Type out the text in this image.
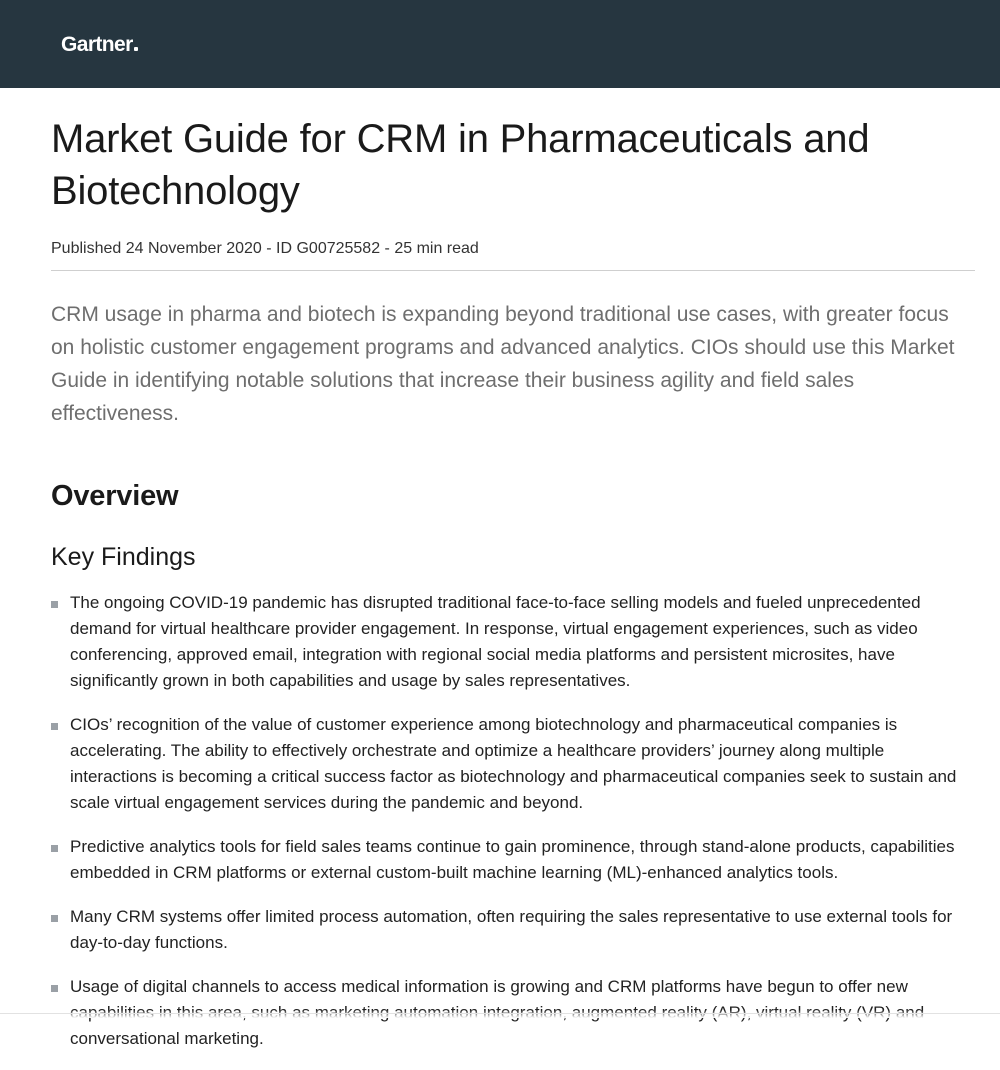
Gartner
Market Guide for CRM in Pharmaceuticals and Biotechnology
Published 24 November 2020 - ID G00725582 - 25 min read

CRM usage in pharma and biotech is expanding beyond traditional use cases, with greater focus on holistic customer engagement programs and advanced analytics. CIOs should use this Market Guide in identifying notable solutions that increase their business agility and field sales effectiveness.

Overview
Key Findings
The ongoing COVID-19 pandemic has disrupted traditional face-to-face selling models and fueled unprecedented demand for virtual healthcare provider engagement. In response, virtual engagement experiences, such as video conferencing, approved email, integration with regional social media platforms and persistent microsites, have significantly grown in both capabilities and usage by sales representatives.
CIOs’ recognition of the value of customer experience among biotechnology and pharmaceutical companies is accelerating. The ability to effectively orchestrate and optimize a healthcare providers’ journey along multiple interactions is becoming a critical success factor as biotechnology and pharmaceutical companies seek to sustain and scale virtual engagement services during the pandemic and beyond.
Predictive analytics tools for field sales teams continue to gain prominence, through stand-alone products, capabilities embedded in CRM platforms or external custom-built machine learning (ML)-enhanced analytics tools.
Many CRM systems offer limited process automation, often requiring the sales representative to use external tools for day-to-day functions.
Usage of digital channels to access medical information is growing and CRM platforms have begun to offer new conversational marketing.
